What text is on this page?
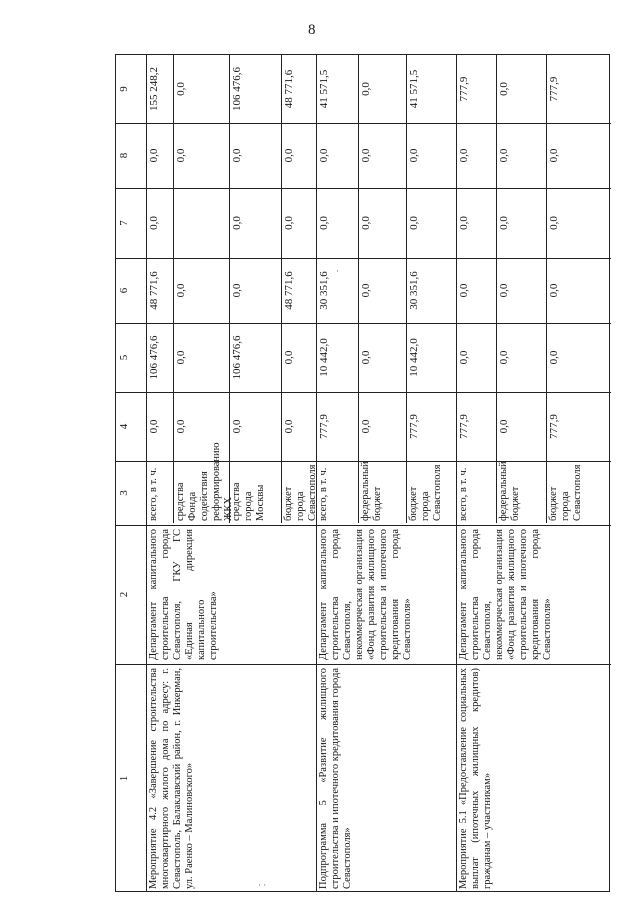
8
1
2
3
4
5
6
7
8
9
Мероприятие 4.2 «Завершение строительства многоквартирного жилого дома по адресу: г. Севастополь, Балаклавский район, г. Инкерман, ул. Раенко – Малиновского»
Департамент капитального строительства города Севастополя, ГКУ ГС «Единая дирекция капитального строительства»
всего, в т. ч.
0,0
106 476,6
48 771,6
0,0
0,0
155 248,2
средства Фонда содействия реформированию ЖКХ
0,0
0,0
0,0
0,0
0,0
средства города Москвы
0,0
106 476,6
0,0
0,0
0,0
106 476,6
бюджет города Севастополя
0,0
0,0
48 771,6
0,0
0,0
48 771,6
Подпрограмма 5 «Развитие жилищного строительства и ипотечного кредитования города Севастополя»
Департамент капитального строительства города Севастополя, некоммерческая организация «Фонд развития жилищного строительства и ипотечного кредитования города Севастополя»
всего, в т. ч.
777,9
10 442,0
30 351,6
0,0
0,0
41 571,5
федеральный бюджет
0,0
0,0
0,0
0,0
0,0
0,0
бюджет города Севастополя
777,9
10 442,0
30 351,6
0,0
0,0
41 571,5
Мероприятие 5.1 «Предоставление социальных выплат (ипотечных жилищных кредитов) гражданам – участникам»
Департамент капитального строительства города Севастополя, некоммерческая организация «Фонд развития жилищного строительства и ипотечного кредитования города Севастополя»
всего, в т. ч.
777,9
0,0
0,0
0,0
0,0
777,9
федеральный бюджет
0,0
0,0
0,0
0,0
0,0
0,0
бюджет города Севастополя
777,9
0,0
0,0
0,0
0,0
777,9
· ·
·
